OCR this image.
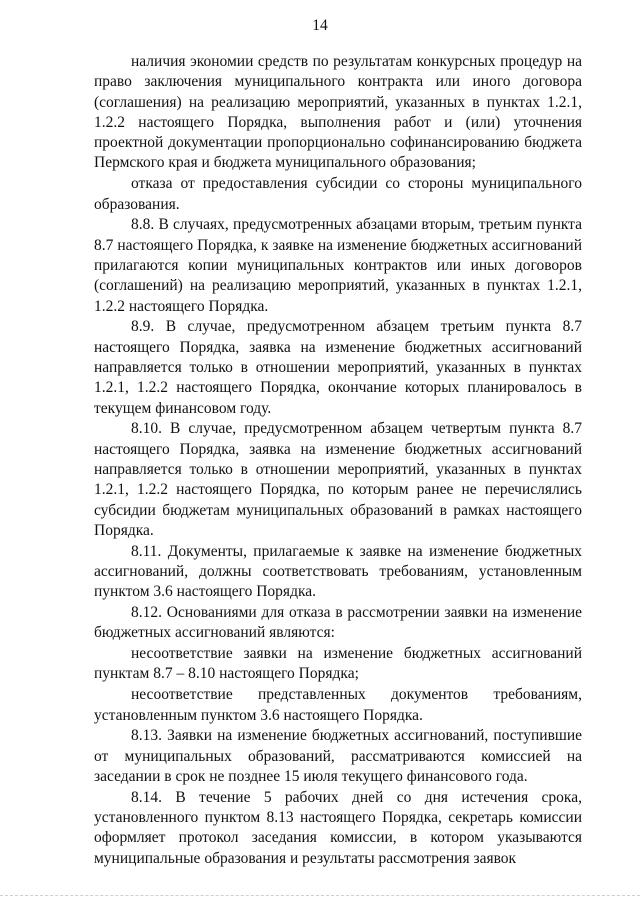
14

наличия экономии средств по результатам конкурсных процедур на право заключения муниципального контракта или иного договора (соглашения) на реализацию мероприятий, указанных в пунктах 1.2.1, 1.2.2 настоящего Порядка, выполнения работ и (или) уточнения проектной документации пропорционально софинансированию бюджета Пермского края и бюджета муниципального образования;

отказа от предоставления субсидии со стороны муниципального образования.

8.8. В случаях, предусмотренных абзацами вторым, третьим пункта 8.7 настоящего Порядка, к заявке на изменение бюджетных ассигнований прилагаются копии муниципальных контрактов или иных договоров (соглашений) на реализацию мероприятий, указанных в пунктах 1.2.1, 1.2.2 настоящего Порядка.

8.9. В случае, предусмотренном абзацем третьим пункта 8.7 настоящего Порядка, заявка на изменение бюджетных ассигнований направляется только в отношении мероприятий, указанных в пунктах 1.2.1, 1.2.2 настоящего Порядка, окончание которых планировалось в текущем финансовом году.

8.10. В случае, предусмотренном абзацем четвертым пункта 8.7 настоящего Порядка, заявка на изменение бюджетных ассигнований направляется только в отношении мероприятий, указанных в пунктах 1.2.1, 1.2.2 настоящего Порядка, по которым ранее не перечислялись субсидии бюджетам муниципальных образований в рамках настоящего Порядка.

8.11. Документы, прилагаемые к заявке на изменение бюджетных ассигнований, должны соответствовать требованиям, установленным пунктом 3.6 настоящего Порядка.

8.12. Основаниями для отказа в рассмотрении заявки на изменение бюджетных ассигнований являются:

несоответствие заявки на изменение бюджетных ассигнований пунктам 8.7 – 8.10 настоящего Порядка;

несоответствие представленных документов требованиям, установленным пунктом 3.6 настоящего Порядка.

8.13. Заявки на изменение бюджетных ассигнований, поступившие от муниципальных образований, рассматриваются комиссией на заседании в срок не позднее 15 июля текущего финансового года.

8.14. В течение 5 рабочих дней со дня истечения срока, установленного пунктом 8.13 настоящего Порядка, секретарь комиссии оформляет протокол заседания комиссии, в котором указываются муниципальные образования и результаты рассмотрения заявок
